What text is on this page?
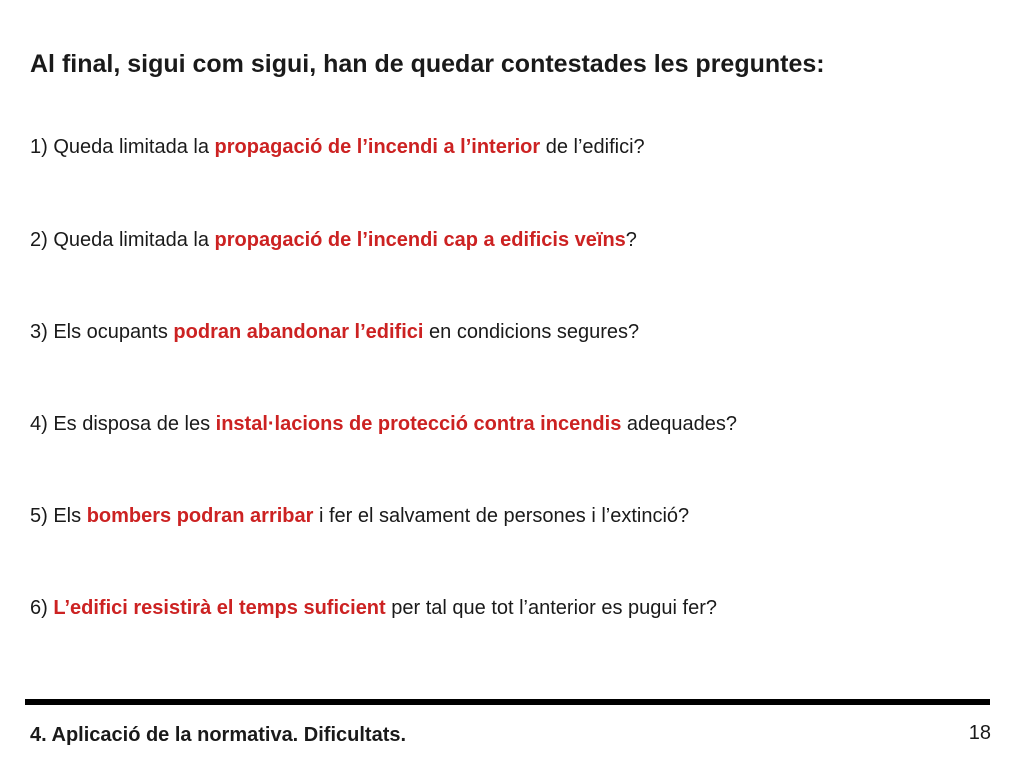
Al final, sigui com sigui, han de quedar contestades les preguntes:
1) Queda limitada la propagació de l’incendi a l’interior de l’edifici?
2) Queda limitada la propagació de l’incendi cap a edificis veïns?
3) Els ocupants podran abandonar l’edifici en condicions segures?
4) Es disposa de les instal·lacions de protecció contra incendis adequades?
5) Els bombers podran arribar i fer el salvament de persones i l’extinció?
6) L’edifici resistirà el temps suficient per tal que tot l’anterior es pugui fer?
4. Aplicació de la normativa. Dificultats.	18
